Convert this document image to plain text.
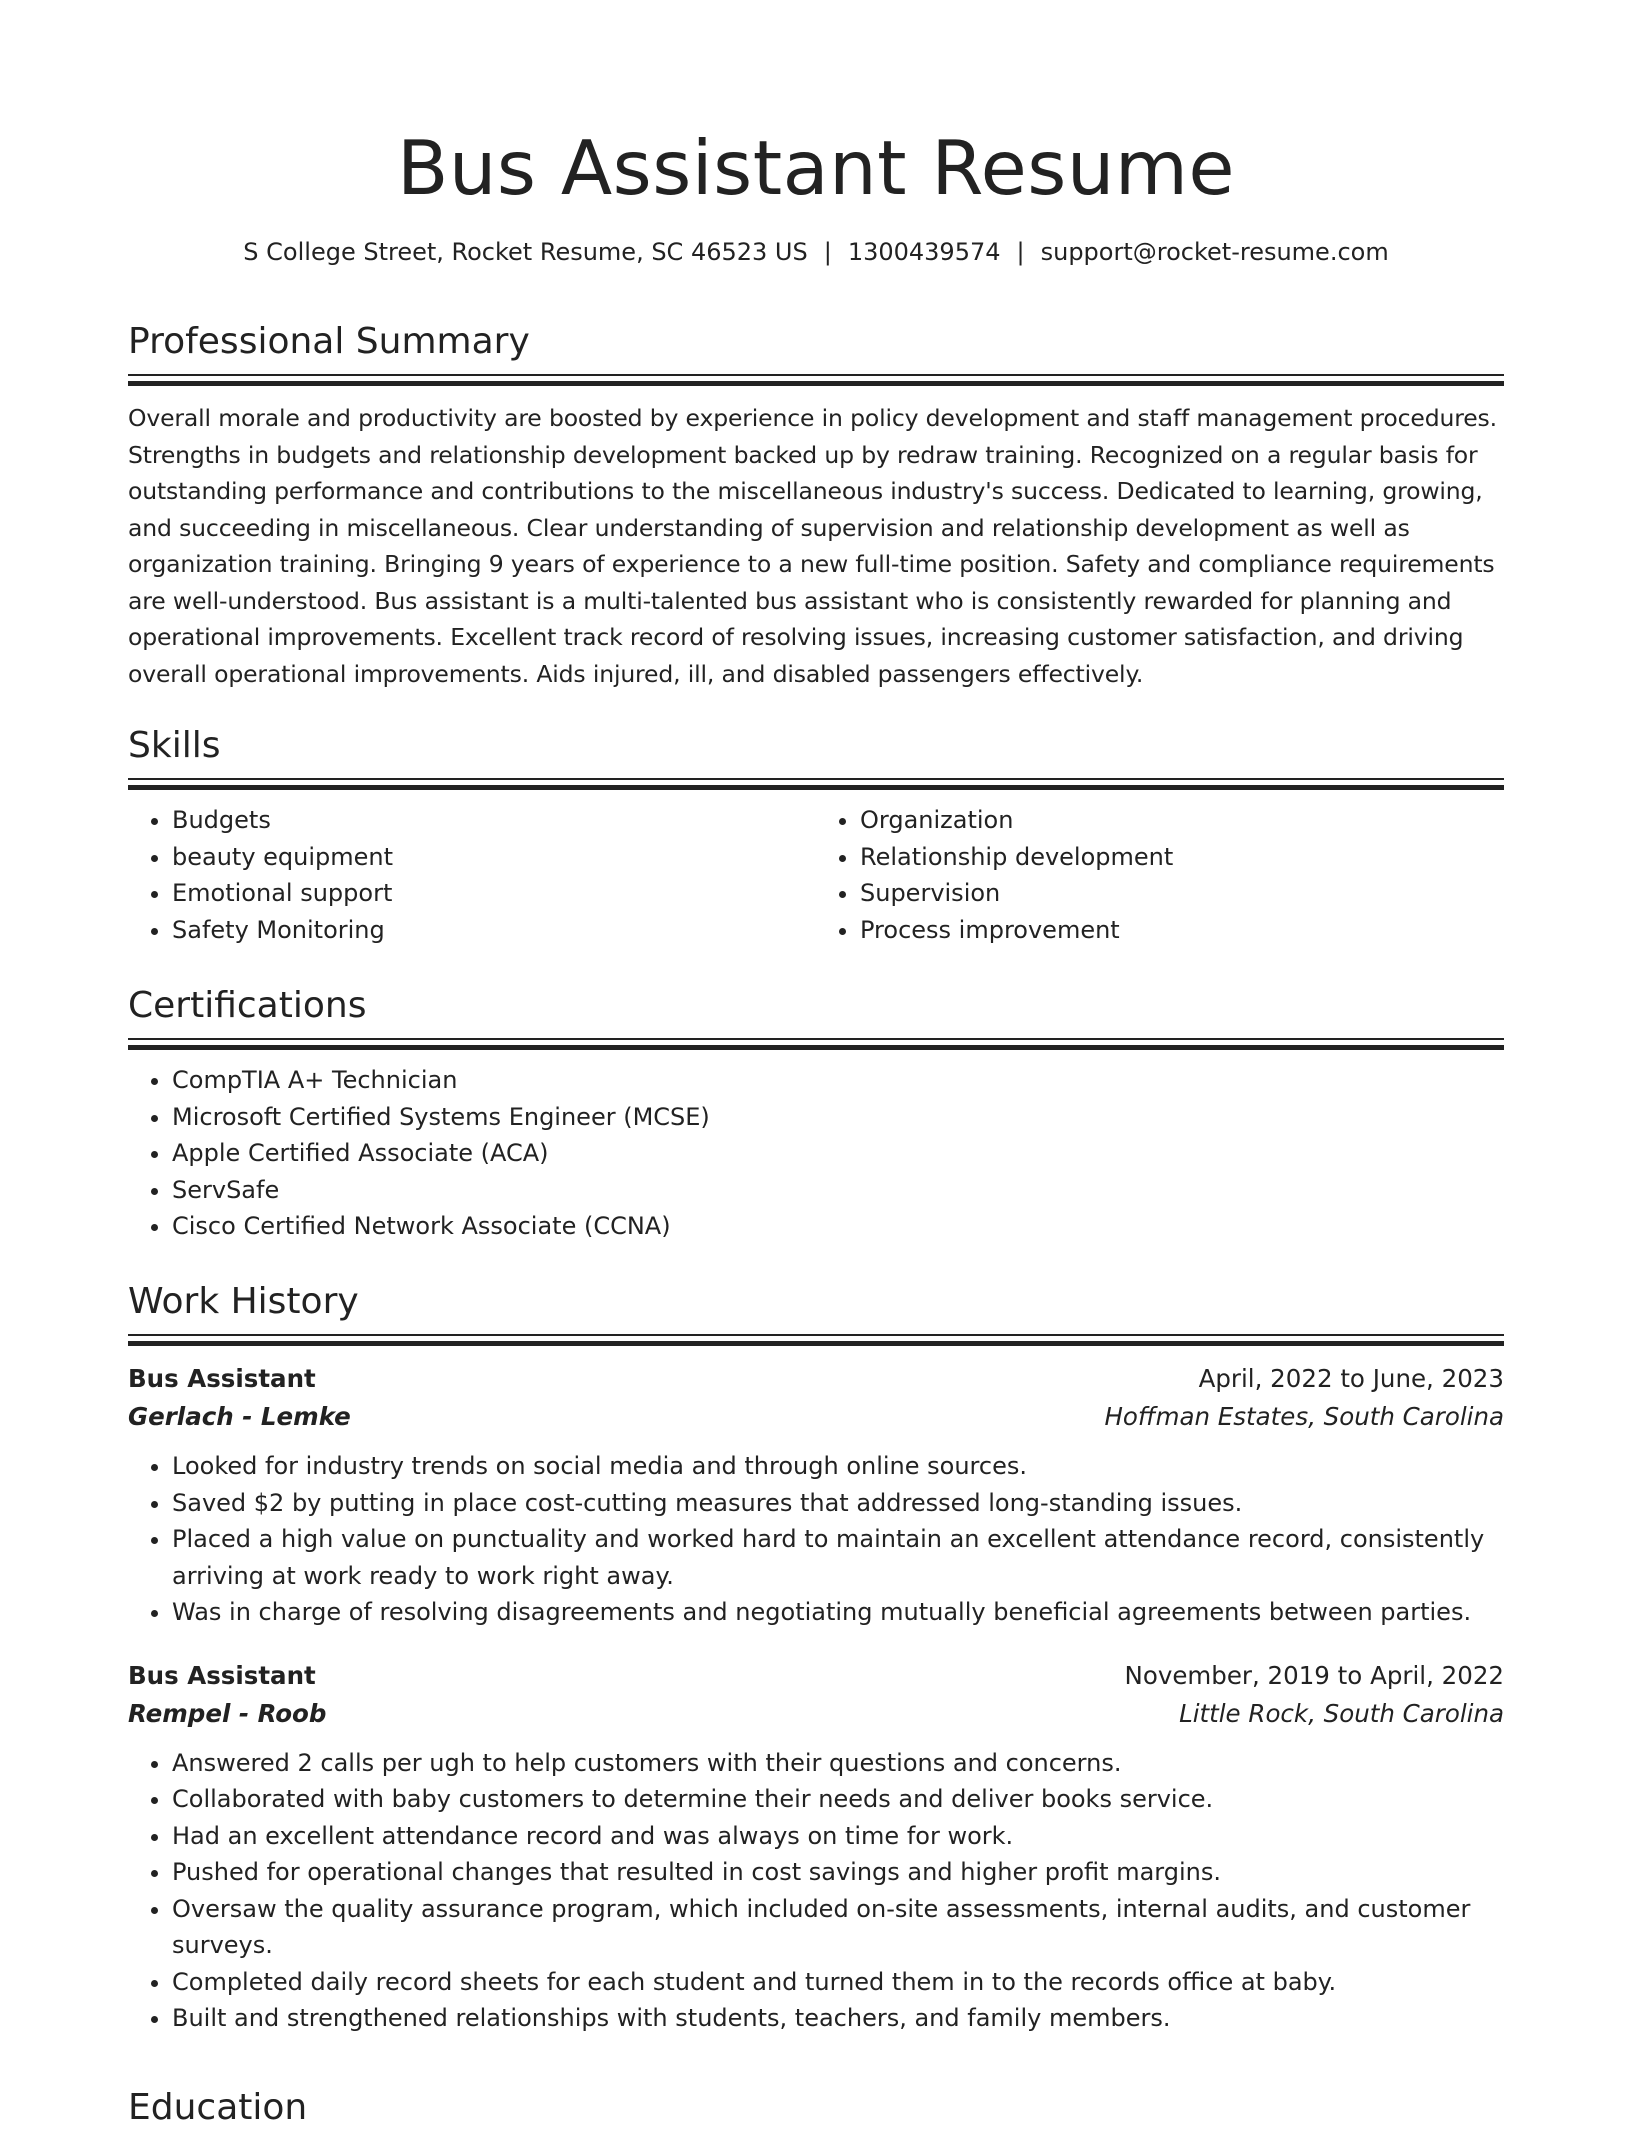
Bus Assistant Resume
S College Street, Rocket Resume, SC 46523 US | 1300439574 | support@rocket-resume.com
Professional Summary

Overall morale and productivity are boosted by experience in policy development and staff management procedures. Strengths in budgets and relationship development backed up by redraw training. Recognized on a regular basis for outstanding performance and contributions to the miscellaneous industry's success. Dedicated to learning, growing, and succeeding in miscellaneous. Clear understanding of supervision and relationship development as well as organization training. Bringing 9 years of experience to a new full-time position. Safety and compliance requirements are well-understood. Bus assistant is a multi-talented bus assistant who is consistently rewarded for planning and operational improvements. Excellent track record of resolving issues, increasing customer satisfaction, and driving overall operational improvements. Aids injured, ill, and disabled passengers effectively.

Skills
• Budgets
• beauty equipment
• Emotional support
• Safety Monitoring
• Organization
• Relationship development
• Supervision
• Process improvement
Certifications
• CompTIA A+ Technician
• Microsoft Certified Systems Engineer (MCSE)
• Apple Certified Associate (ACA)
• ServSafe
• Cisco Certified Network Associate (CCNA)
Work History
Bus Assistant	April, 2022 to June, 2023
Gerlach - Lemke	Hoffman Estates, South Carolina
• Looked for industry trends on social media and through online sources.
• Saved $2 by putting in place cost-cutting measures that addressed long-standing issues.
• Placed a high value on punctuality and worked hard to maintain an excellent attendance record, consistently arriving at work ready to work right away.
• Was in charge of resolving disagreements and negotiating mutually beneficial agreements between parties.
Bus Assistant	November, 2019 to April, 2022
Rempel - Roob	Little Rock, South Carolina
• Answered 2 calls per ugh to help customers with their questions and concerns.
• Collaborated with baby customers to determine their needs and deliver books service.
• Had an excellent attendance record and was always on time for work.
• Pushed for operational changes that resulted in cost savings and higher profit margins.
• Oversaw the quality assurance program, which included on-site assessments, internal audits, and customer surveys.
• Completed daily record sheets for each student and turned them in to the records office at baby.
• Built and strengthened relationships with students, teachers, and family members.
Education
